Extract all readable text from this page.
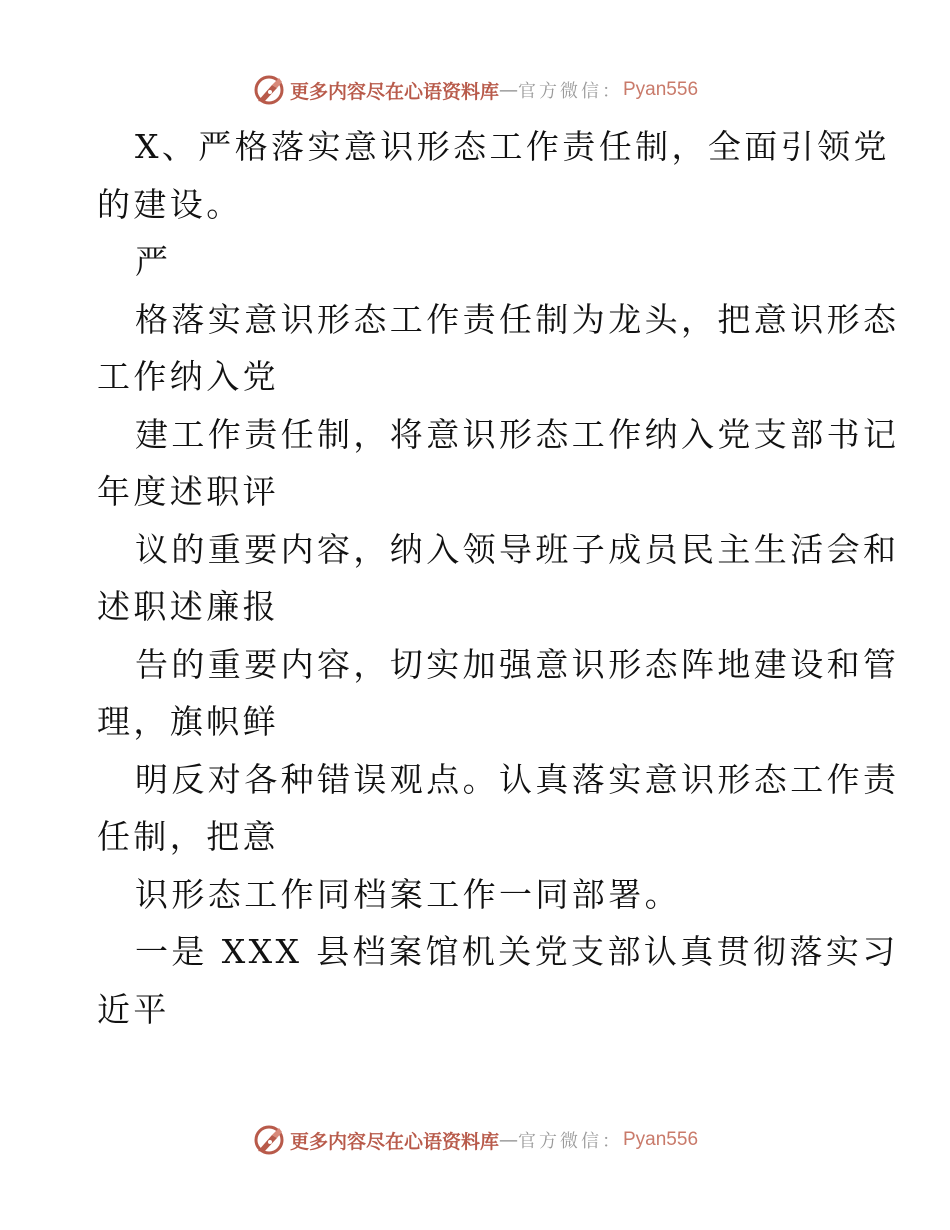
更多内容尽在心语资料库 — 官方微信： Pyan556
X、严格落实意识形态工作责任制，全面引领党
的建设。
严
格落实意识形态工作责任制为龙头，把意识形态
工作纳入党
建工作责任制，将意识形态工作纳入党支部书记
年度述职评
议的重要内容，纳入领导班子成员民主生活会和
述职述廉报
告的重要内容，切实加强意识形态阵地建设和管
理，旗帜鲜
明反对各种错误观点。认真落实意识形态工作责
任制，把意
识形态工作同档案工作一同部署。
一是 XXX 县档案馆机关党支部认真贯彻落实习
近平
更多内容尽在心语资料库 — 官方微信： Pyan556
